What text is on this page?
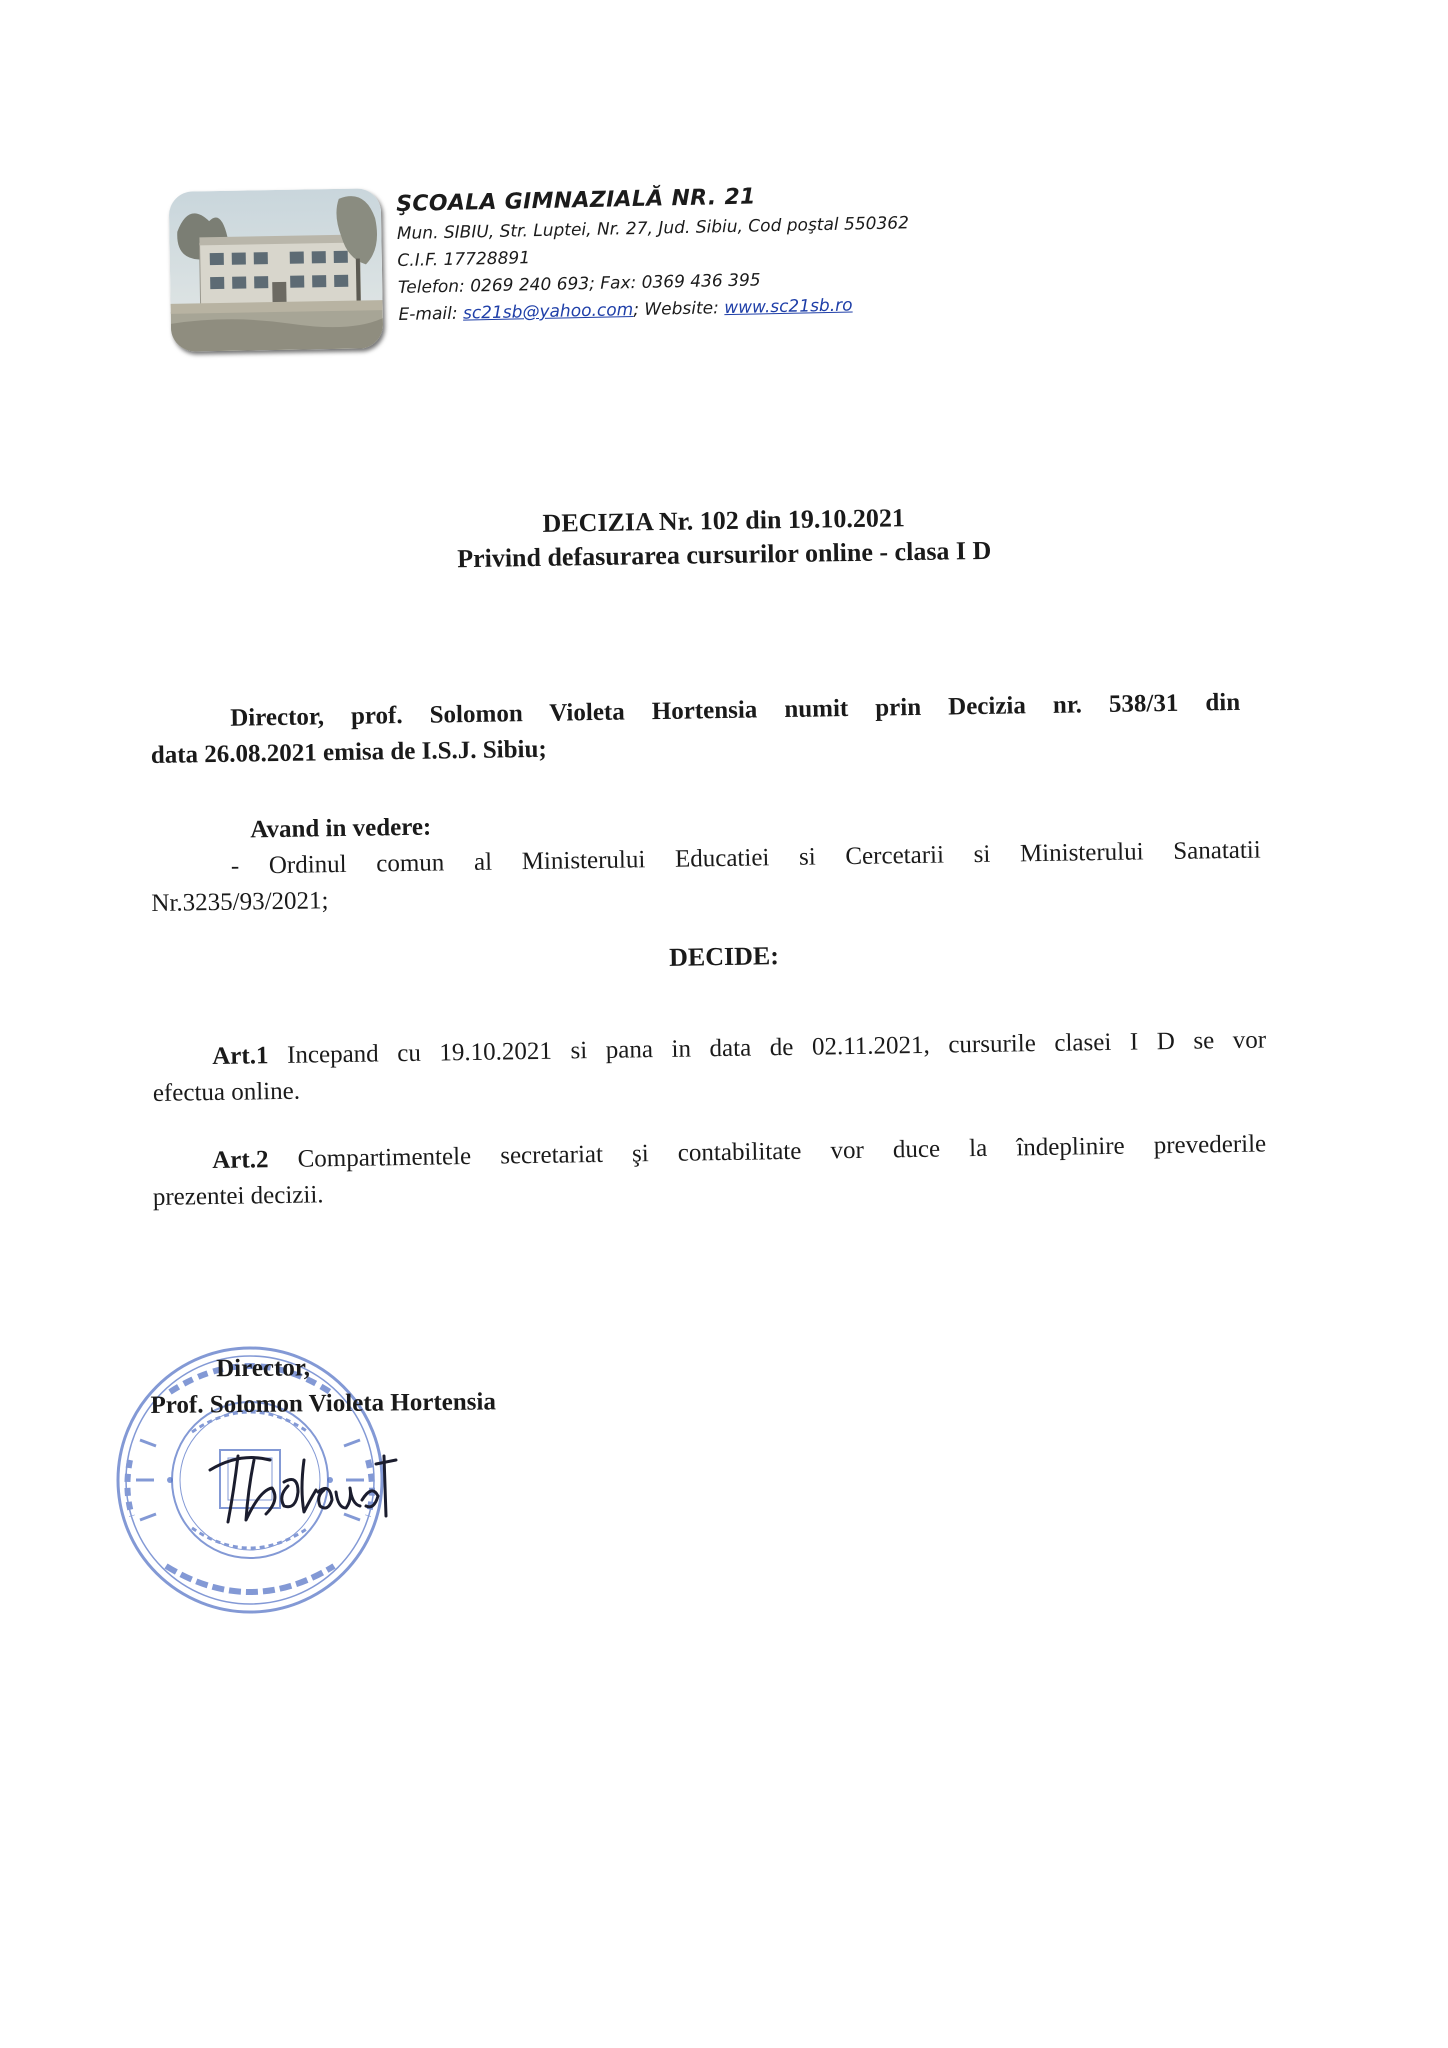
ŞCOALA GIMNAZIALĂ NR. 21
Mun. SIBIU, Str. Luptei, Nr. 27, Jud. Sibiu, Cod poştal 550362
C.I.F. 17728891
Telefon: 0269 240 693; Fax: 0369 436 395
E-mail: sc21sb@yahoo.com; Website: www.sc21sb.ro
DECIZIA Nr. 102 din 19.10.2021
Privind defasurarea cursurilor online - clasa I D
Director, prof. Solomon Violeta Hortensia numit prin Decizia nr. 538/31 din
data 26.08.2021 emisa de I.S.J. Sibiu;
Avand in vedere:
- Ordinul comun al Ministerului Educatiei si Cercetarii si Ministerului Sanatatii
Nr.3235/93/2021;
DECIDE:
Art.1 Incepand cu 19.10.2021 si pana in data de 02.11.2021, cursurile clasei I D se vor
efectua online.
Art.2 Compartimentele secretariat şi contabilitate vor duce la îndeplinire prevederile
prezentei decizii.
Director,
Prof. Solomon Violeta Hortensia
